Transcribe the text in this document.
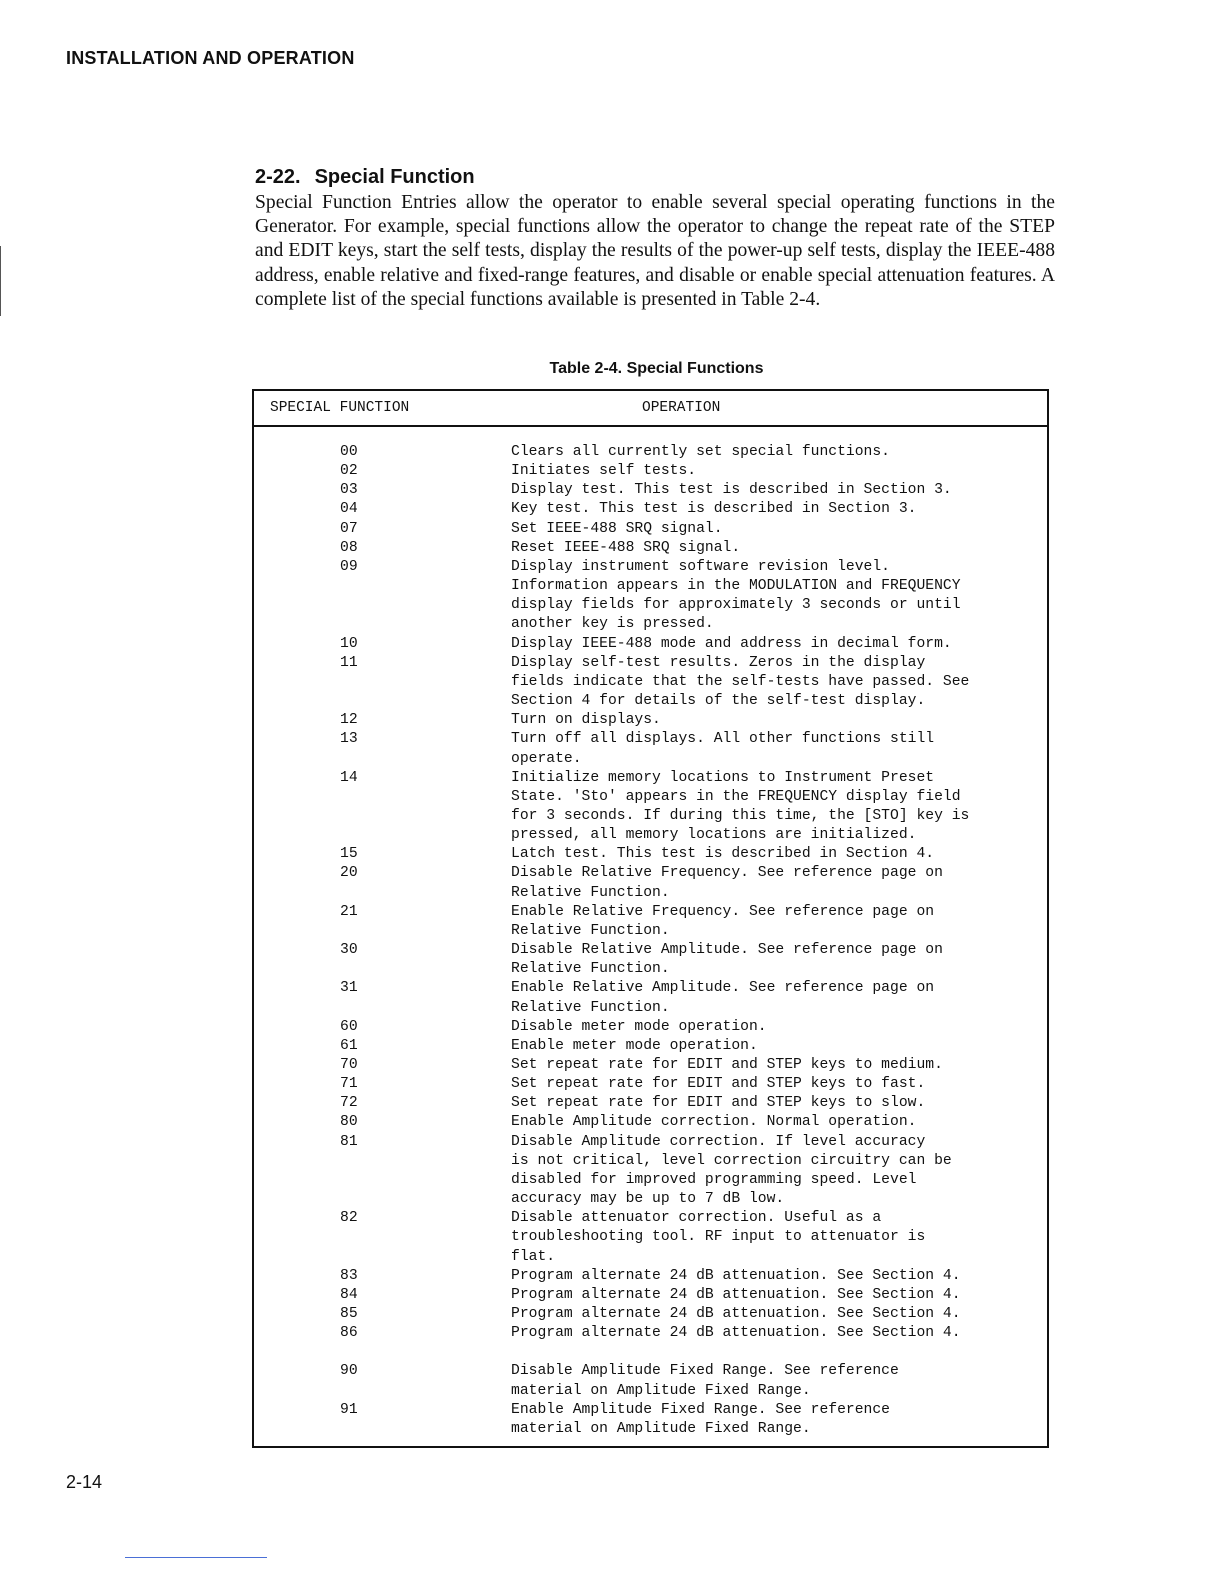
INSTALLATION AND OPERATION
2-22. Special Function

Special Function Entries allow the operator to enable several special operating functions in the Generator. For example, special functions allow the operator to change the repeat rate of the STEP and EDIT keys, start the self tests, display the results of the power-up self tests, display the IEEE-488 address, enable relative and fixed-range features, and disable or enable special attenuation features. A complete list of the special functions available is presented in Table 2-4.

Table 2-4. Special Functions
SPECIAL FUNCTION	OPERATION
00	Clears all currently set special functions.
02	Initiates self tests.
03	Display test. This test is described in Section 3.
04	Key test. This test is described in Section 3.
07	Set IEEE-488 SRQ signal.
08	Reset IEEE-488 SRQ signal.
09	Display instrument software revision level.
Information appears in the MODULATION and FREQUENCY
display fields for approximately 3 seconds or until
another key is pressed.
10	Display IEEE-488 mode and address in decimal form.
11	Display self-test results. Zeros in the display
fields indicate that the self-tests have passed. See
Section 4 for details of the self-test display.
12	Turn on displays.
13	Turn off all displays. All other functions still
operate.
14	Initialize memory locations to Instrument Preset
State. 'Sto' appears in the FREQUENCY display field
for 3 seconds. If during this time, the [STO] key is
pressed, all memory locations are initialized.
15	Latch test. This test is described in Section 4.
20	Disable Relative Frequency. See reference page on
Relative Function.
21	Enable Relative Frequency. See reference page on
Relative Function.
30	Disable Relative Amplitude. See reference page on
Relative Function.
31	Enable Relative Amplitude. See reference page on
Relative Function.
60	Disable meter mode operation.
61	Enable meter mode operation.
70	Set repeat rate for EDIT and STEP keys to medium.
71	Set repeat rate for EDIT and STEP keys to fast.
72	Set repeat rate for EDIT and STEP keys to slow.
80	Enable Amplitude correction. Normal operation.
81	Disable Amplitude correction. If level accuracy
is not critical, level correction circuitry can be
disabled for improved programming speed. Level
accuracy may be up to 7 dB low.
82	Disable attenuator correction. Useful as a
troubleshooting tool. RF input to attenuator is
flat.
83	Program alternate 24 dB attenuation. See Section 4.
84	Program alternate 24 dB attenuation. See Section 4.
85	Program alternate 24 dB attenuation. See Section 4.
86	Program alternate 24 dB attenuation. See Section 4.
90	Disable Amplitude Fixed Range. See reference
material on Amplitude Fixed Range.
91	Enable Amplitude Fixed Range. See reference
material on Amplitude Fixed Range.
2-14
